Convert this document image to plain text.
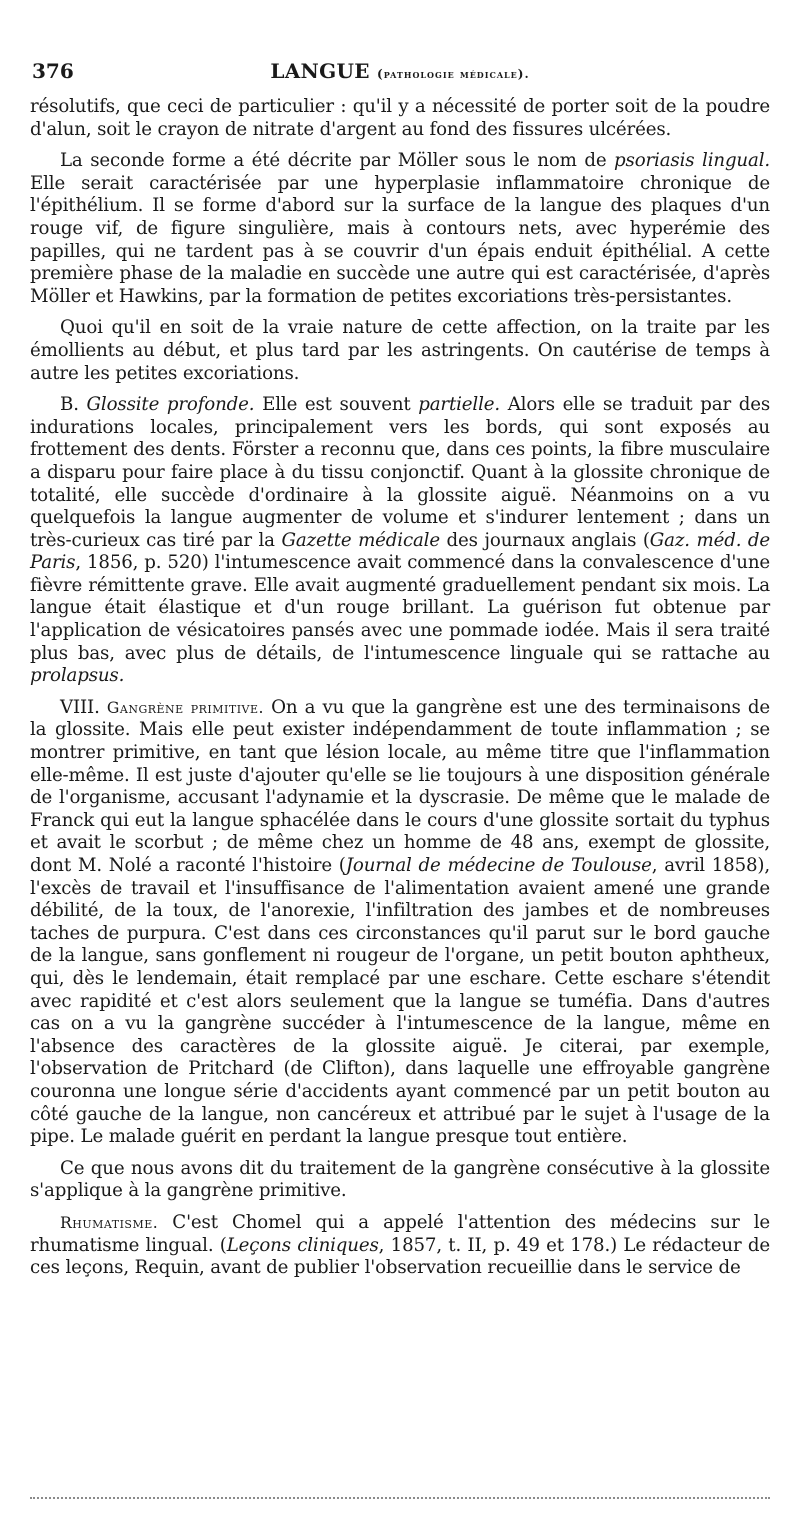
376	LANGUE (pathologie médicale).

résolutifs, que ceci de particulier : qu'il y a nécessité de porter soit de la poudre d'alun, soit le crayon de nitrate d'argent au fond des fissures ulcérées.

La seconde forme a été décrite par Möller sous le nom de psoriasis lingual. Elle serait caractérisée par une hyperplasie inflammatoire chronique de l'épithélium. Il se forme d'abord sur la surface de la langue des plaques d'un rouge vif, de figure singulière, mais à contours nets, avec hyperémie des papilles, qui ne tardent pas à se couvrir d'un épais enduit épithélial. A cette première phase de la maladie en succède une autre qui est caractérisée, d'après Möller et Hawkins, par la formation de petites excoriations très-persistantes.

Quoi qu'il en soit de la vraie nature de cette affection, on la traite par les émollients au début, et plus tard par les astringents. On cautérise de temps à autre les petites excoriations.

B. Glossite profonde. Elle est souvent partielle. Alors elle se traduit par des indurations locales, principalement vers les bords, qui sont exposés au frottement des dents. Förster a reconnu que, dans ces points, la fibre musculaire a disparu pour faire place à du tissu conjonctif. Quant à la glossite chronique de totalité, elle succède d'ordinaire à la glossite aiguë. Néanmoins on a vu quelquefois la langue augmenter de volume et s'indurer lentement ; dans un très-curieux cas tiré par la Gazette médicale des journaux anglais (Gaz. méd. de Paris, 1856, p. 520) l'intumescence avait commencé dans la convalescence d'une fièvre rémittente grave. Elle avait augmenté graduellement pendant six mois. La langue était élastique et d'un rouge brillant. La guérison fut obtenue par l'application de vésicatoires pansés avec une pommade iodée. Mais il sera traité plus bas, avec plus de détails, de l'intumescence linguale qui se rattache au prolapsus.

VIII. Gangrène primitive. On a vu que la gangrène est une des terminaisons de la glossite. Mais elle peut exister indépendamment de toute inflammation ; se montrer primitive, en tant que lésion locale, au même titre que l'inflammation elle-même. Il est juste d'ajouter qu'elle se lie toujours à une disposition générale de l'organisme, accusant l'adynamie et la dyscrasie. De même que le malade de Franck qui eut la langue sphacélée dans le cours d'une glossite sortait du typhus et avait le scorbut ; de même chez un homme de 48 ans, exempt de glossite, dont M. Nolé a raconté l'histoire (Journal de médecine de Toulouse, avril 1858), l'excès de travail et l'insuffisance de l'alimentation avaient amené une grande débilité, de la toux, de l'anorexie, l'infiltration des jambes et de nombreuses taches de purpura. C'est dans ces circonstances qu'il parut sur le bord gauche de la langue, sans gonflement ni rougeur de l'organe, un petit bouton aphtheux, qui, dès le lendemain, était remplacé par une eschare. Cette eschare s'étendit avec rapidité et c'est alors seulement que la langue se tuméfia. Dans d'autres cas on a vu la gangrène succéder à l'intumescence de la langue, même en l'absence des caractères de la glossite aiguë. Je citerai, par exemple, l'observation de Pritchard (de Clifton), dans laquelle une effroyable gangrène couronna une longue série d'accidents ayant commencé par un petit bouton au côté gauche de la langue, non cancéreux et attribué par le sujet à l'usage de la pipe. Le malade guérit en perdant la langue presque tout entière.

Ce que nous avons dit du traitement de la gangrène consécutive à la glossite s'applique à la gangrène primitive.

Rhumatisme. C'est Chomel qui a appelé l'attention des médecins sur le rhumatisme lingual. (Leçons cliniques, 1857, t. II, p. 49 et 178.) Le rédacteur de ces leçons, Requin, avant de publier l'observation recueillie dans le service de
